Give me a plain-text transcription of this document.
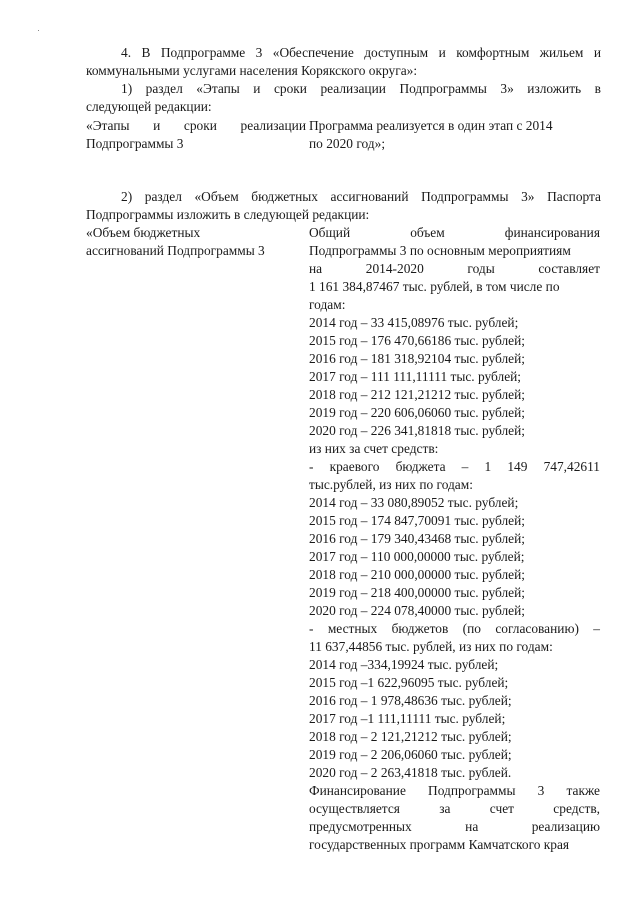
4. В Подпрограмме 3 «Обеспечение доступным и комфортным жильем и
коммунальными услугами населения Корякского округа»:
1) раздел «Этапы и сроки реализации Подпрограммы 3» изложить в
следующей редакции:
«Этапы и сроки реализации
Подпрограммы 3
Программа реализуется в один этап с 2014
по 2020 год»;
2) раздел «Объем бюджетных ассигнований Подпрограммы 3» Паспорта
Подпрограммы изложить в следующей редакции:
«Объем бюджетных
ассигнований Подпрограммы 3
Общий объем финансирования
Подпрограммы 3 по основным мероприятиям
на 2014-2020 годы составляет
1 161 384,87467 тыс. рублей, в том числе по
годам:
2014 год – 33 415,08976 тыс. рублей;
2015 год – 176 470,66186 тыс. рублей;
2016 год – 181 318,92104 тыс. рублей;
2017 год – 111 111,11111 тыс. рублей;
2018 год – 212 121,21212 тыс. рублей;
2019 год – 220 606,06060 тыс. рублей;
2020 год – 226 341,81818 тыс. рублей;
из них за счет средств:
- краевого бюджета – 1 149 747,42611
тыс.рублей, из них по годам:
2014 год – 33 080,89052 тыс. рублей;
2015 год – 174 847,70091 тыс. рублей;
2016 год – 179 340,43468 тыс. рублей;
2017 год – 110 000,00000 тыс. рублей;
2018 год – 210 000,00000 тыс. рублей;
2019 год – 218 400,00000 тыс. рублей;
2020 год – 224 078,40000 тыс. рублей;
- местных бюджетов (по согласованию) –
11 637,44856 тыс. рублей, из них по годам:
2014 год –334,19924 тыс. рублей;
2015 год –1 622,96095 тыс. рублей;
2016 год – 1 978,48636 тыс. рублей;
2017 год –1 111,11111 тыс. рублей;
2018 год – 2 121,21212 тыс. рублей;
2019 год – 2 206,06060 тыс. рублей;
2020 год – 2 263,41818 тыс. рублей.
Финансирование Подпрограммы 3 также
осуществляется за счет средств,
предусмотренных на реализацию
государственных программ Камчатского края
